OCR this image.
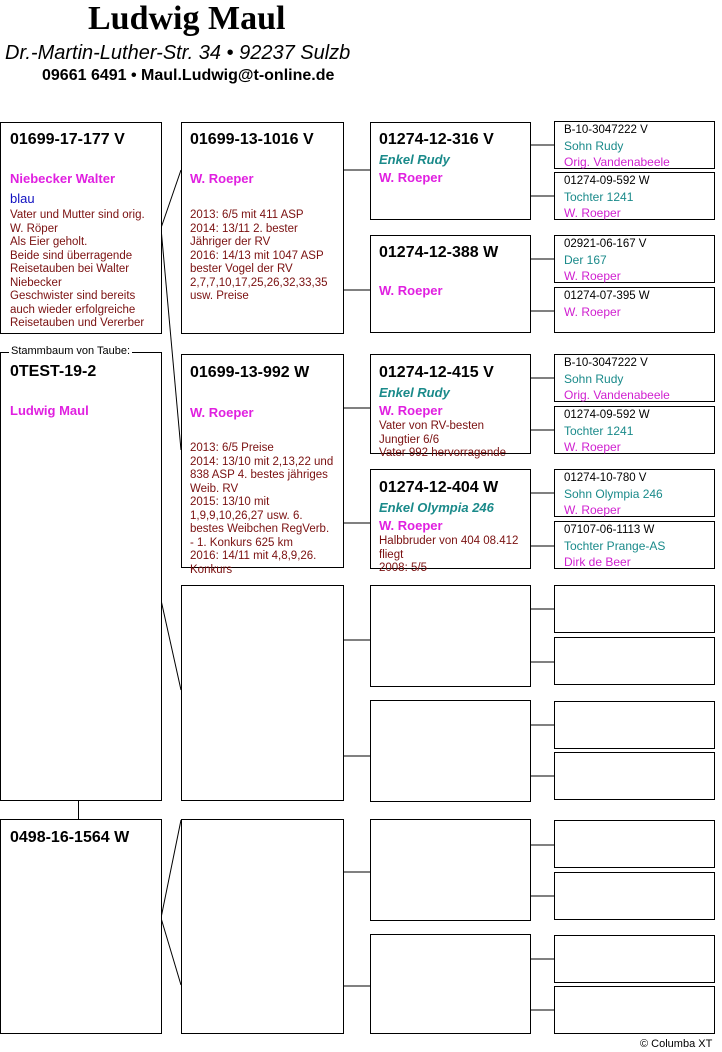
Ludwig Maul
Dr.-Martin-Luther-Str. 34 • 92237 Sulzb
09661 6491 • Maul.Ludwig@t-online.de
01699-17-177 V
Niebecker Walter
blau
Vater und Mutter sind orig.
W. Röper
Als Eier geholt.
Beide sind überragende
Reisetauben bei Walter
Niebecker
Geschwister sind bereits
auch wieder erfolgreiche
Reisetauben und Vererber
0TEST-19-2
Ludwig Maul
Stammbaum von Taube:
0498-16-1564 W
01699-13-1016 V
W. Roeper
2013: 6/5 mit 411 ASP
2014: 13/11 2. bester
Jähriger der RV
2016: 14/13 mit 1047 ASP
bester Vogel der RV
2,7,7,10,17,25,26,32,33,35
usw. Preise
01699-13-992 W
W. Roeper
2013: 6/5 Preise
2014: 13/10 mit 2,13,22 und
838 ASP 4. bestes jähriges
Weib. RV
2015: 13/10 mit
1,9,9,10,26,27 usw. 6.
bestes Weibchen RegVerb.
- 1. Konkurs 625 km
2016: 14/11 mit 4,8,9,26.
Konkurs
01274-12-316 V
Enkel Rudy
W. Roeper
01274-12-388 W
W. Roeper
01274-12-415 V
Enkel Rudy
W. Roeper
Vater von RV-besten
Jungtier 6/6
Vater 992 hervorragende
01274-12-404 W
Enkel Olympia 246
W. Roeper
Halbbruder von 404 08.412
fliegt
2008: 5/5
B-10-3047222 V
Sohn Rudy
Orig. Vandenabeele
01274-09-592 W
Tochter 1241
W. Roeper
02921-06-167 V
Der 167
W. Roeper
01274-07-395 W
W. Roeper
B-10-3047222 V
Sohn Rudy
Orig. Vandenabeele
01274-09-592 W
Tochter 1241
W. Roeper
01274-10-780 V
Sohn Olympia 246
W. Roeper
07107-06-1113 W
Tochter Prange-AS
Dirk de Beer
© Columba XT
